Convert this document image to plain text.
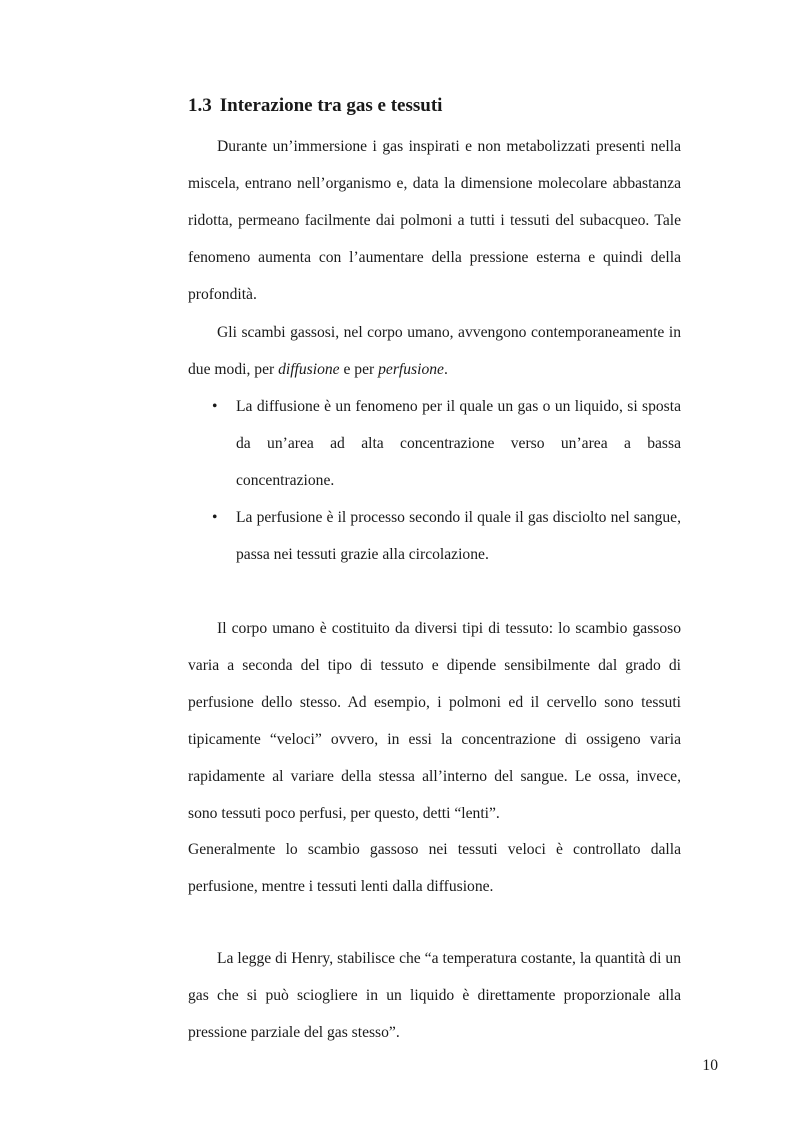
1.3 Interazione tra gas e tessuti

Durante un’immersione i gas inspirati e non metabolizzati presenti nella miscela, entrano nell’organismo e, data la dimensione molecolare abbastanza ridotta, permeano facilmente dai polmoni a tutti i tessuti del subacqueo. Tale fenomeno aumenta con l’aumentare della pressione esterna e quindi della profondità.

Gli scambi gassosi, nel corpo umano, avvengono contemporaneamente in due modi, per diffusione e per perfusione.

• La diffusione è un fenomeno per il quale un gas o un liquido, si sposta da un’area ad alta concentrazione verso un’area a bassa concentrazione.
• La perfusione è il processo secondo il quale il gas disciolto nel sangue, passa nei tessuti grazie alla circolazione.

Il corpo umano è costituito da diversi tipi di tessuto: lo scambio gassoso varia a seconda del tipo di tessuto e dipende sensibilmente dal grado di perfusione dello stesso. Ad esempio, i polmoni ed il cervello sono tessuti tipicamente “veloci” ovvero, in essi la concentrazione di ossigeno varia rapidamente al variare della stessa all’interno del sangue. Le ossa, invece, sono tessuti poco perfusi, per questo, detti “lenti”.

Generalmente lo scambio gassoso nei tessuti veloci è controllato dalla perfusione, mentre i tessuti lenti dalla diffusione.

La legge di Henry, stabilisce che “a temperatura costante, la quantità di un gas che si può sciogliere in un liquido è direttamente proporzionale alla pressione parziale del gas stesso”.

10
